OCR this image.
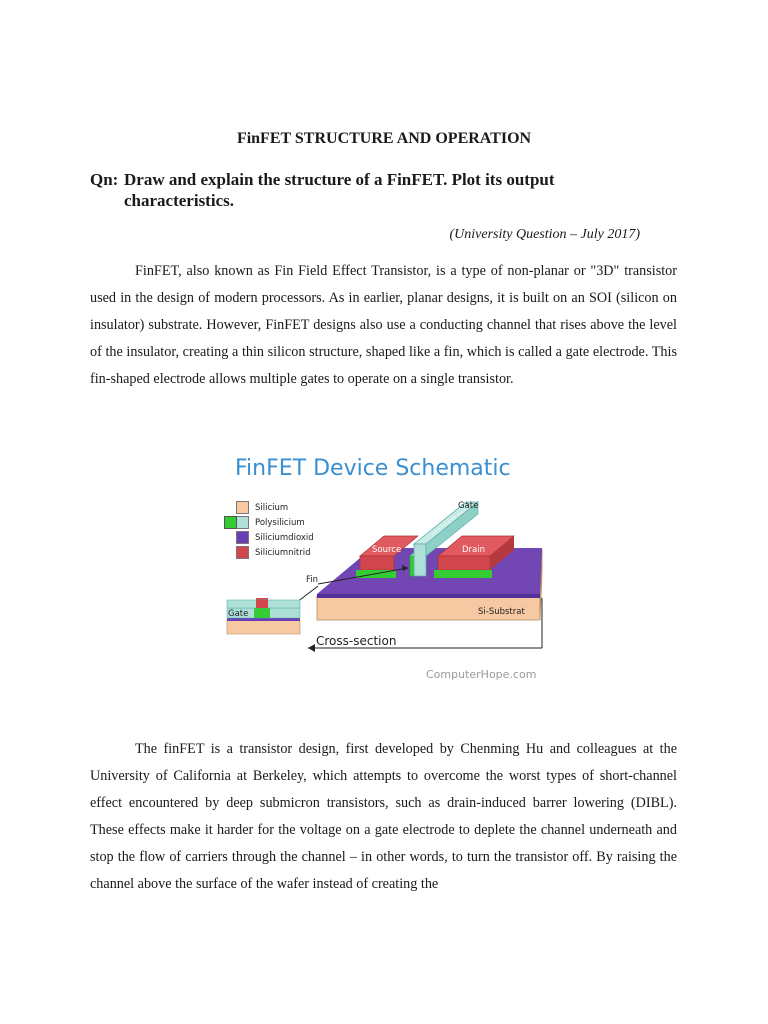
FinFET STRUCTURE AND OPERATION
Qn: Draw and explain the structure of a FinFET. Plot its output
characteristics.
(University Question – July 2017)

FinFET, also known as Fin Field Effect Transistor, is a type of non-planar or "3D" transistor used in the design of modern processors. As in earlier, planar designs, it is built on an SOI (silicon on insulator) substrate. However, FinFET designs also use a conducting channel that rises above the level of the insulator, creating a thin silicon structure, shaped like a fin, which is called a gate electrode. This fin-shaped electrode allows multiple gates to operate on a single transistor.

Gate
Source	Drain
Fin
Gate	Si-Substrat
Cross-section
FinFET Device Schematic
Silicium
Polysilicium
Siliciumdioxid
Siliciumnitrid
ComputerHope.com

The finFET is a transistor design, first developed by Chenming Hu and colleagues at the University of California at Berkeley, which attempts to overcome the worst types of short-channel effect encountered by deep submicron transistors, such as drain-induced barrer lowering (DIBL). These effects make it harder for the voltage on a gate electrode to deplete the channel underneath and stop the flow of carriers through the channel – in other words, to turn the transistor off. By raising the channel above the surface of the wafer instead of creating the
